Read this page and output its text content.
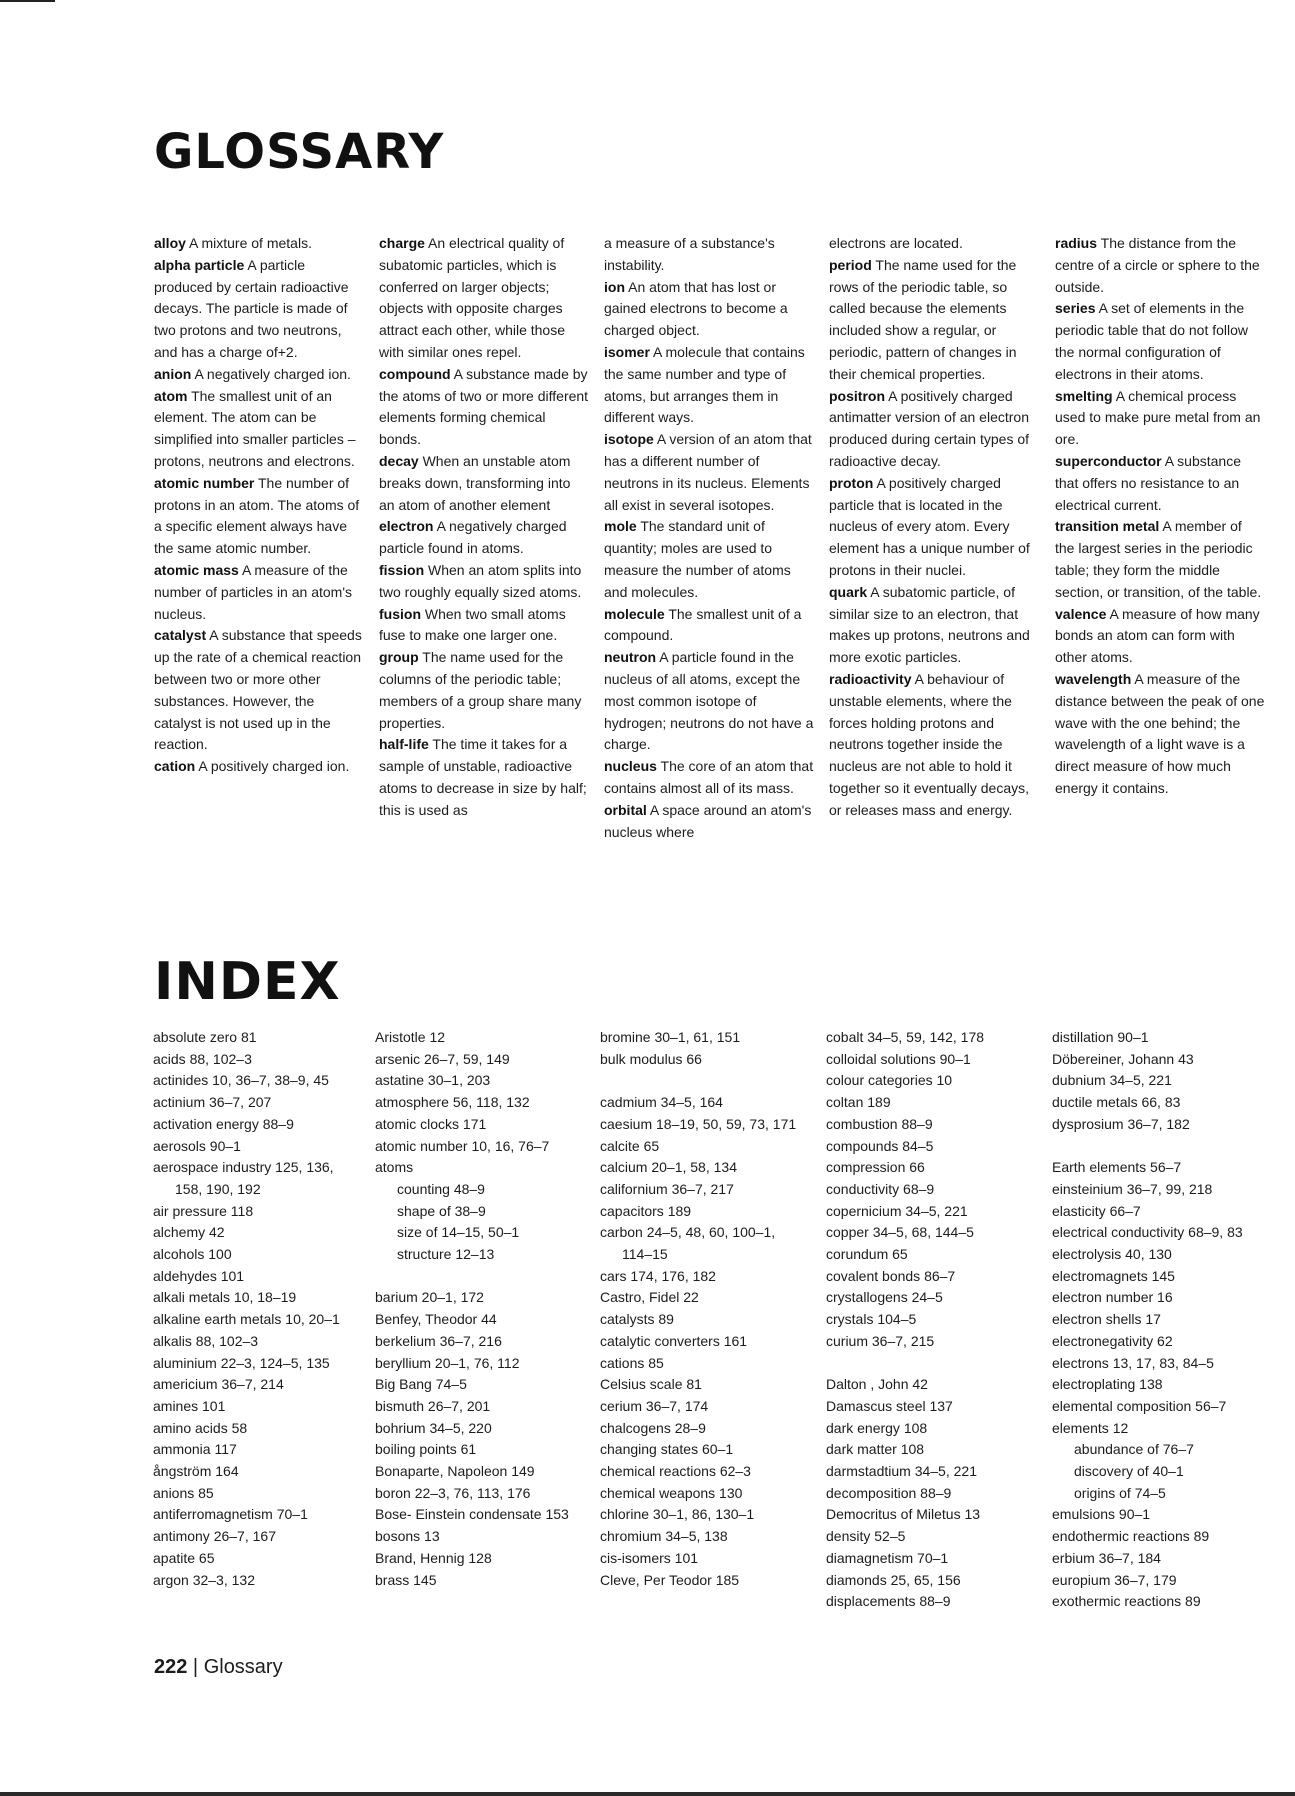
GLOSSARY

alloy A mixture of metals.

alpha particle A particle produced by certain radioactive decays. The particle is made of two protons and two neutrons, and has a charge of+2.

anion A negatively charged ion.

atom The smallest unit of an element. The atom can be simplified into smaller particles – protons, neutrons and electrons.

atomic number The number of protons in an atom. The atoms of a specific element always have the same atomic number.

atomic mass A measure of the number of particles in an atom's nucleus.

catalyst A substance that speeds up the rate of a chemical reaction between two or more other substances. However, the catalyst is not used up in the reaction.

cation A positively charged ion.

charge An electrical quality of subatomic particles, which is conferred on larger objects; objects with opposite charges attract each other, while those with similar ones repel.

compound A substance made by the atoms of two or more different elements forming chemical bonds.

decay When an unstable atom breaks down, transforming into an atom of another element

electron A negatively charged particle found in atoms.

fission When an atom splits into two roughly equally sized atoms.

fusion When two small atoms fuse to make one larger one.

group The name used for the columns of the periodic table; members of a group share many properties.

half-life The time it takes for a sample of unstable, radioactive atoms to decrease in size by half; this is used as

a measure of a substance's instability.

ion An atom that has lost or gained electrons to become a charged object.

isomer A molecule that contains the same number and type of atoms, but arranges them in different ways.

isotope A version of an atom that has a different number of neutrons in its nucleus. Elements all exist in several isotopes.

mole The standard unit of quantity; moles are used to measure the number of atoms and molecules.

molecule The smallest unit of a compound.

neutron A particle found in the nucleus of all atoms, except the most common isotope of hydrogen; neutrons do not have a charge.

nucleus The core of an atom that contains almost all of its mass.

orbital A space around an atom's nucleus where

electrons are located.

period The name used for the rows of the periodic table, so called because the elements included show a regular, or periodic, pattern of changes in their chemical properties.

positron A positively charged antimatter version of an electron produced during certain types of radioactive decay.

proton A positively charged particle that is located in the nucleus of every atom. Every element has a unique number of protons in their nuclei.

quark A subatomic particle, of similar size to an electron, that makes up protons, neutrons and more exotic particles.

radioactivity A behaviour of unstable elements, where the forces holding protons and neutrons together inside the nucleus are not able to hold it together so it eventually decays, or releases mass and energy.

radius The distance from the centre of a circle or sphere to the outside.

series A set of elements in the periodic table that do not follow the normal configuration of electrons in their atoms.

smelting A chemical process used to make pure metal from an ore.

superconductor A substance that offers no resistance to an electrical current.

transition metal A member of the largest series in the periodic table; they form the middle section, or transition, of the table.

valence A measure of how many bonds an atom can form with other atoms.

wavelength A measure of the distance between the peak of one wave with the one behind; the wavelength of a light wave is a direct measure of how much energy it contains.

INDEX

absolute zero 81

acids 88, 102–3

actinides 10, 36–7, 38–9, 45

actinium 36–7, 207

activation energy 88–9

aerosols 90–1

aerospace industry 125, 136, 158, 190, 192

air pressure 118

alchemy 42

alcohols 100

aldehydes 101

alkali metals 10, 18–19

alkaline earth metals 10, 20–1

alkalis 88, 102–3

aluminium 22–3, 124–5, 135

americium 36–7, 214

amines 101

amino acids 58

ammonia 117

ångström 164

anions 85

antiferromagnetism 70–1

antimony 26–7, 167

apatite 65

argon 32–3, 132

Aristotle 12

arsenic 26–7, 59, 149

astatine 30–1, 203

atmosphere 56, 118, 132

atomic clocks 171

atomic number 10, 16, 76–7

atoms

counting 48–9

shape of 38–9

size of 14–15, 50–1

structure 12–13

barium 20–1, 172

Benfey, Theodor 44

berkelium 36–7, 216

beryllium 20–1, 76, 112

Big Bang 74–5

bismuth 26–7, 201

bohrium 34–5, 220

boiling points 61

Bonaparte, Napoleon 149

boron 22–3, 76, 113, 176

Bose- Einstein condensate 153

bosons 13

Brand, Hennig 128

brass 145

bromine 30–1, 61, 151

bulk modulus 66

cadmium 34–5, 164

caesium 18–19, 50, 59, 73, 171

calcite 65

calcium 20–1, 58, 134

californium 36–7, 217

capacitors 189

carbon 24–5, 48, 60, 100–1, 114–15

cars 174, 176, 182

Castro, Fidel 22

catalysts 89

catalytic converters 161

cations 85

Celsius scale 81

cerium 36–7, 174

chalcogens 28–9

changing states 60–1

chemical reactions 62–3

chemical weapons 130

chlorine 30–1, 86, 130–1

chromium 34–5, 138

cis-isomers 101

Cleve, Per Teodor 185

cobalt 34–5, 59, 142, 178

colloidal solutions 90–1

colour categories 10

coltan 189

combustion 88–9

compounds 84–5

compression 66

conductivity 68–9

copernicium 34–5, 221

copper 34–5, 68, 144–5

corundum 65

covalent bonds 86–7

crystallogens 24–5

crystals 104–5

curium 36–7, 215

Dalton , John 42

Damascus steel 137

dark energy 108

dark matter 108

darmstadtium 34–5, 221

decomposition 88–9

Democritus of Miletus 13

density 52–5

diamagnetism 70–1

diamonds 25, 65, 156

displacements 88–9

distillation 90–1

Döbereiner, Johann 43

dubnium 34–5, 221

ductile metals 66, 83

dysprosium 36–7, 182

Earth elements 56–7

einsteinium 36–7, 99, 218

elasticity 66–7

electrical conductivity 68–9, 83

electrolysis 40, 130

electromagnets 145

electron number 16

electron shells 17

electronegativity 62

electrons 13, 17, 83, 84–5

electroplating 138

elemental composition 56–7

elements 12

abundance of 76–7

discovery of 40–1

origins of 74–5

emulsions 90–1

endothermic reactions 89

erbium 36–7, 184

europium 36–7, 179

exothermic reactions 89

222 | Glossary
